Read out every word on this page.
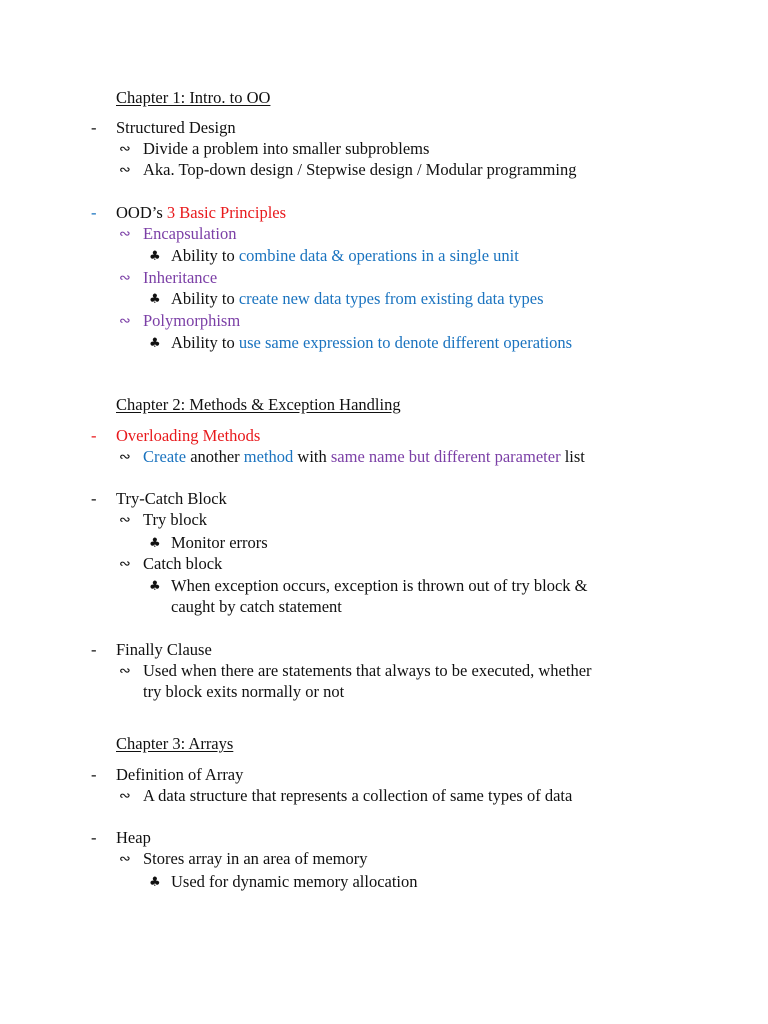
Chapter 1: Intro. to OO
- Structured Design
∾ Divide a problem into smaller subproblems
∾ Aka. Top-down design / Stepwise design / Modular programming
- OOD’s 3 Basic Principles
∾ Encapsulation
♣ Ability to combine data & operations in a single unit
∾ Inheritance
♣ Ability to create new data types from existing data types
∾ Polymorphism
♣ Ability to use same expression to denote different operations
Chapter 2: Methods & Exception Handling
- Overloading Methods
∾ Create another method with same name but different parameter list
- Try-Catch Block
∾ Try block
♣ Monitor errors
∾ Catch block
♣ When exception occurs, exception is thrown out of try block &
caught by catch statement
- Finally Clause
∾ Used when there are statements that always to be executed, whether
try block exits normally or not
Chapter 3: Arrays
- Definition of Array
∾ A data structure that represents a collection of same types of data
- Heap
∾ Stores array in an area of memory
♣ Used for dynamic memory allocation
